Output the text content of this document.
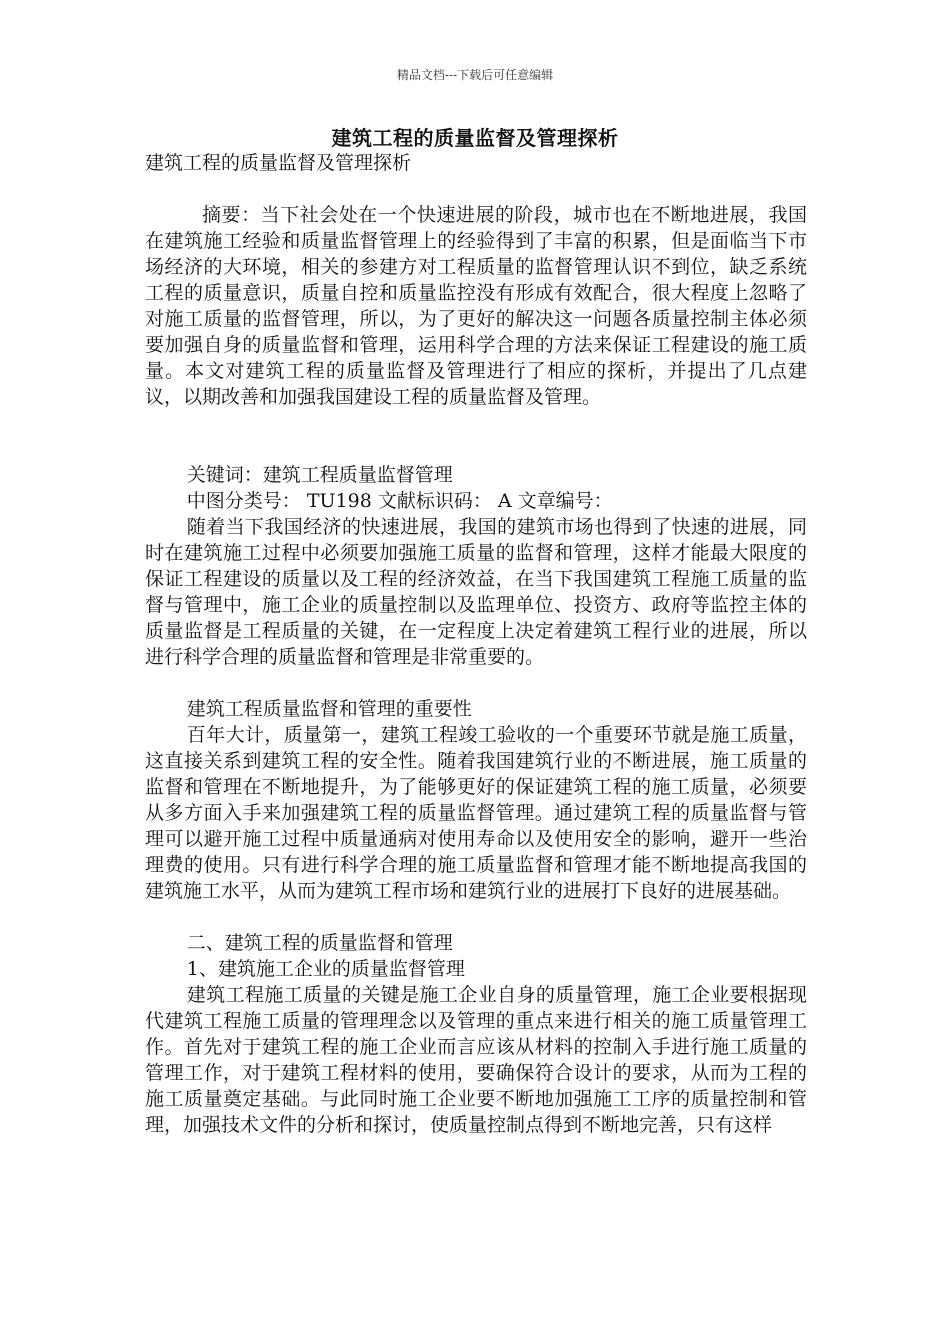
精品文档---下载后可任意编辑
建筑工程的质量监督及管理探析

建筑工程的质量监督及管理探析

摘要：当下社会处在一个快速进展的阶段，城市也在不断地进展，我国在建筑施工经验和质量监督管理上的经验得到了丰富的积累，但是面临当下市场经济的大环境，相关的参建方对工程质量的监督管理认识不到位，缺乏系统工程的质量意识，质量自控和质量监控没有形成有效配合，很大程度上忽略了对施工质量的监督管理，所以，为了更好的解决这一问题各质量控制主体必须要加强自身的质量监督和管理，运用科学合理的方法来保证工程建设的施工质量。本文对建筑工程的质量监督及管理进行了相应的探析，并提出了几点建议，以期改善和加强我国建设工程的质量监督及管理。

关键词：建筑工程质量监督管理

中图分类号： TU198 文献标识码： A 文章编号：

随着当下我国经济的快速进展，我国的建筑市场也得到了快速的进展，同时在建筑施工过程中必须要加强施工质量的监督和管理，这样才能最大限度的保证工程建设的质量以及工程的经济效益，在当下我国建筑工程施工质量的监督与管理中，施工企业的质量控制以及监理单位、投资方、政府等监控主体的质量监督是工程质量的关键，在一定程度上决定着建筑工程行业的进展，所以进行科学合理的质量监督和管理是非常重要的。

建筑工程质量监督和管理的重要性

百年大计，质量第一，建筑工程竣工验收的一个重要环节就是施工质量，这直接关系到建筑工程的安全性。随着我国建筑行业的不断进展，施工质量的监督和管理在不断地提升，为了能够更好的保证建筑工程的施工质量，必须要从多方面入手来加强建筑工程的质量监督管理。通过建筑工程的质量监督与管理可以避开施工过程中质量通病对使用寿命以及使用安全的影响，避开一些治理费的使用。只有进行科学合理的施工质量监督和管理才能不断地提高我国的建筑施工水平，从而为建筑工程市场和建筑行业的进展打下良好的进展基础。

二、建筑工程的质量监督和管理

1、建筑施工企业的质量监督管理

建筑工程施工质量的关键是施工企业自身的质量管理，施工企业要根据现代建筑工程施工质量的管理理念以及管理的重点来进行相关的施工质量管理工作。首先对于建筑工程的施工企业而言应该从材料的控制入手进行施工质量的管理工作，对于建筑工程材料的使用，要确保符合设计的要求，从而为工程的施工质量奠定基础。与此同时施工企业要不断地加强施工工序的质量控制和管理，加强技术文件的分析和探讨，使质量控制点得到不断地完善，只有这样
